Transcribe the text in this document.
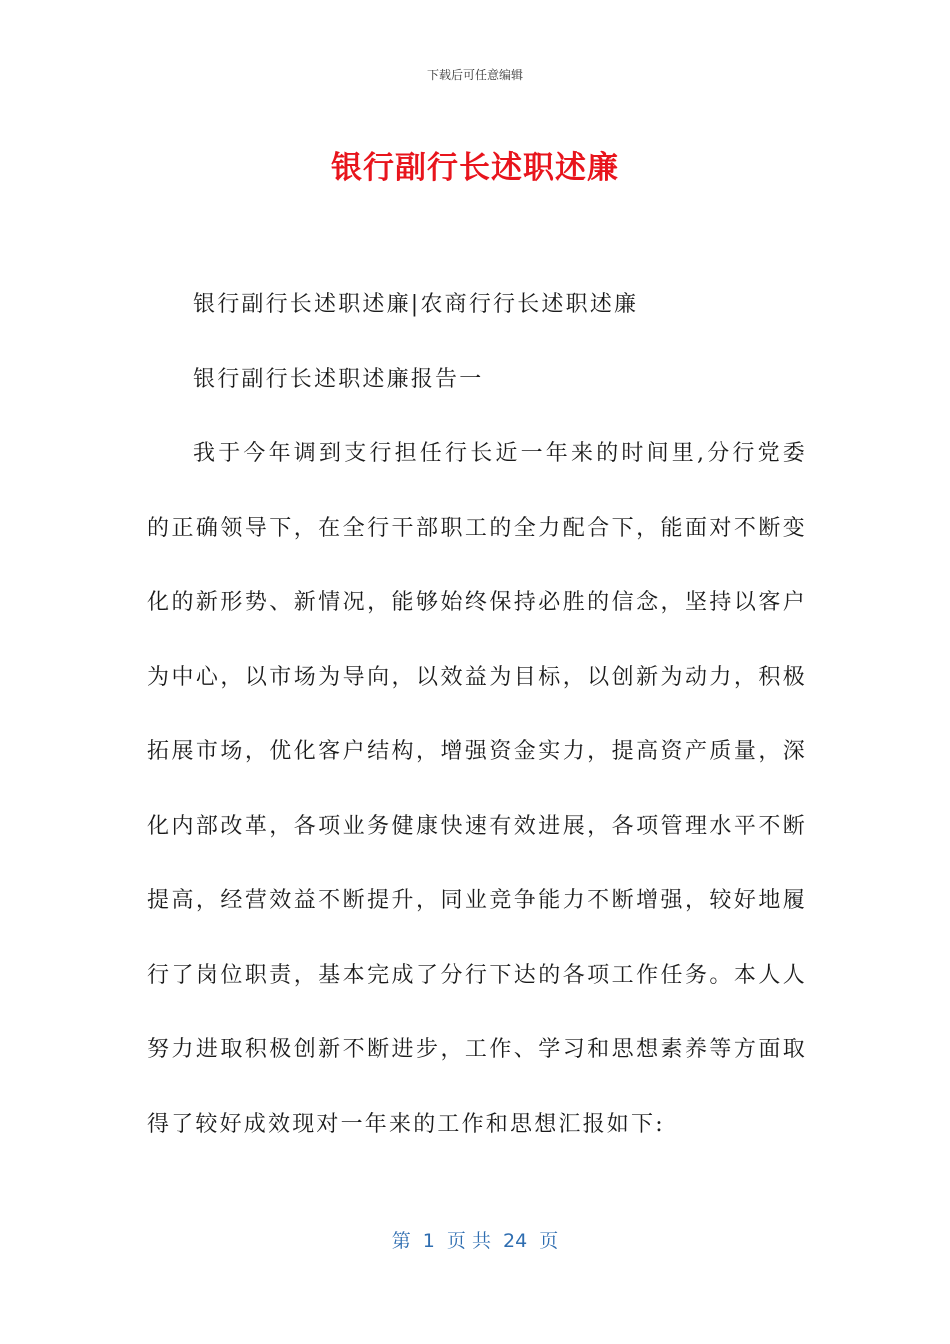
下载后可任意编辑
银行副行长述职述廉

银行副行长述职述廉|农商行行长述职述廉

银行副行长述职述廉报告一

我于今年调到支行担任行长近一年来的时间里,分行党委的正确领导下，在全行干部职工的全力配合下，能面对不断变化的新形势、新情况，能够始终保持必胜的信念，坚持以客户为中心，以市场为导向，以效益为目标，以创新为动力，积极拓展市场，优化客户结构，增强资金实力，提高资产质量，深化内部改革，各项业务健康快速有效进展，各项管理水平不断提高，经营效益不断提升，同业竞争能力不断增强，较好地履行了岗位职责，基本完成了分行下达的各项工作任务。本人人努力进取积极创新不断进步，工作、学习和思想素养等方面取得了较好成效现对一年来的工作和思想汇报如下:

第  1  页 共  24  页
